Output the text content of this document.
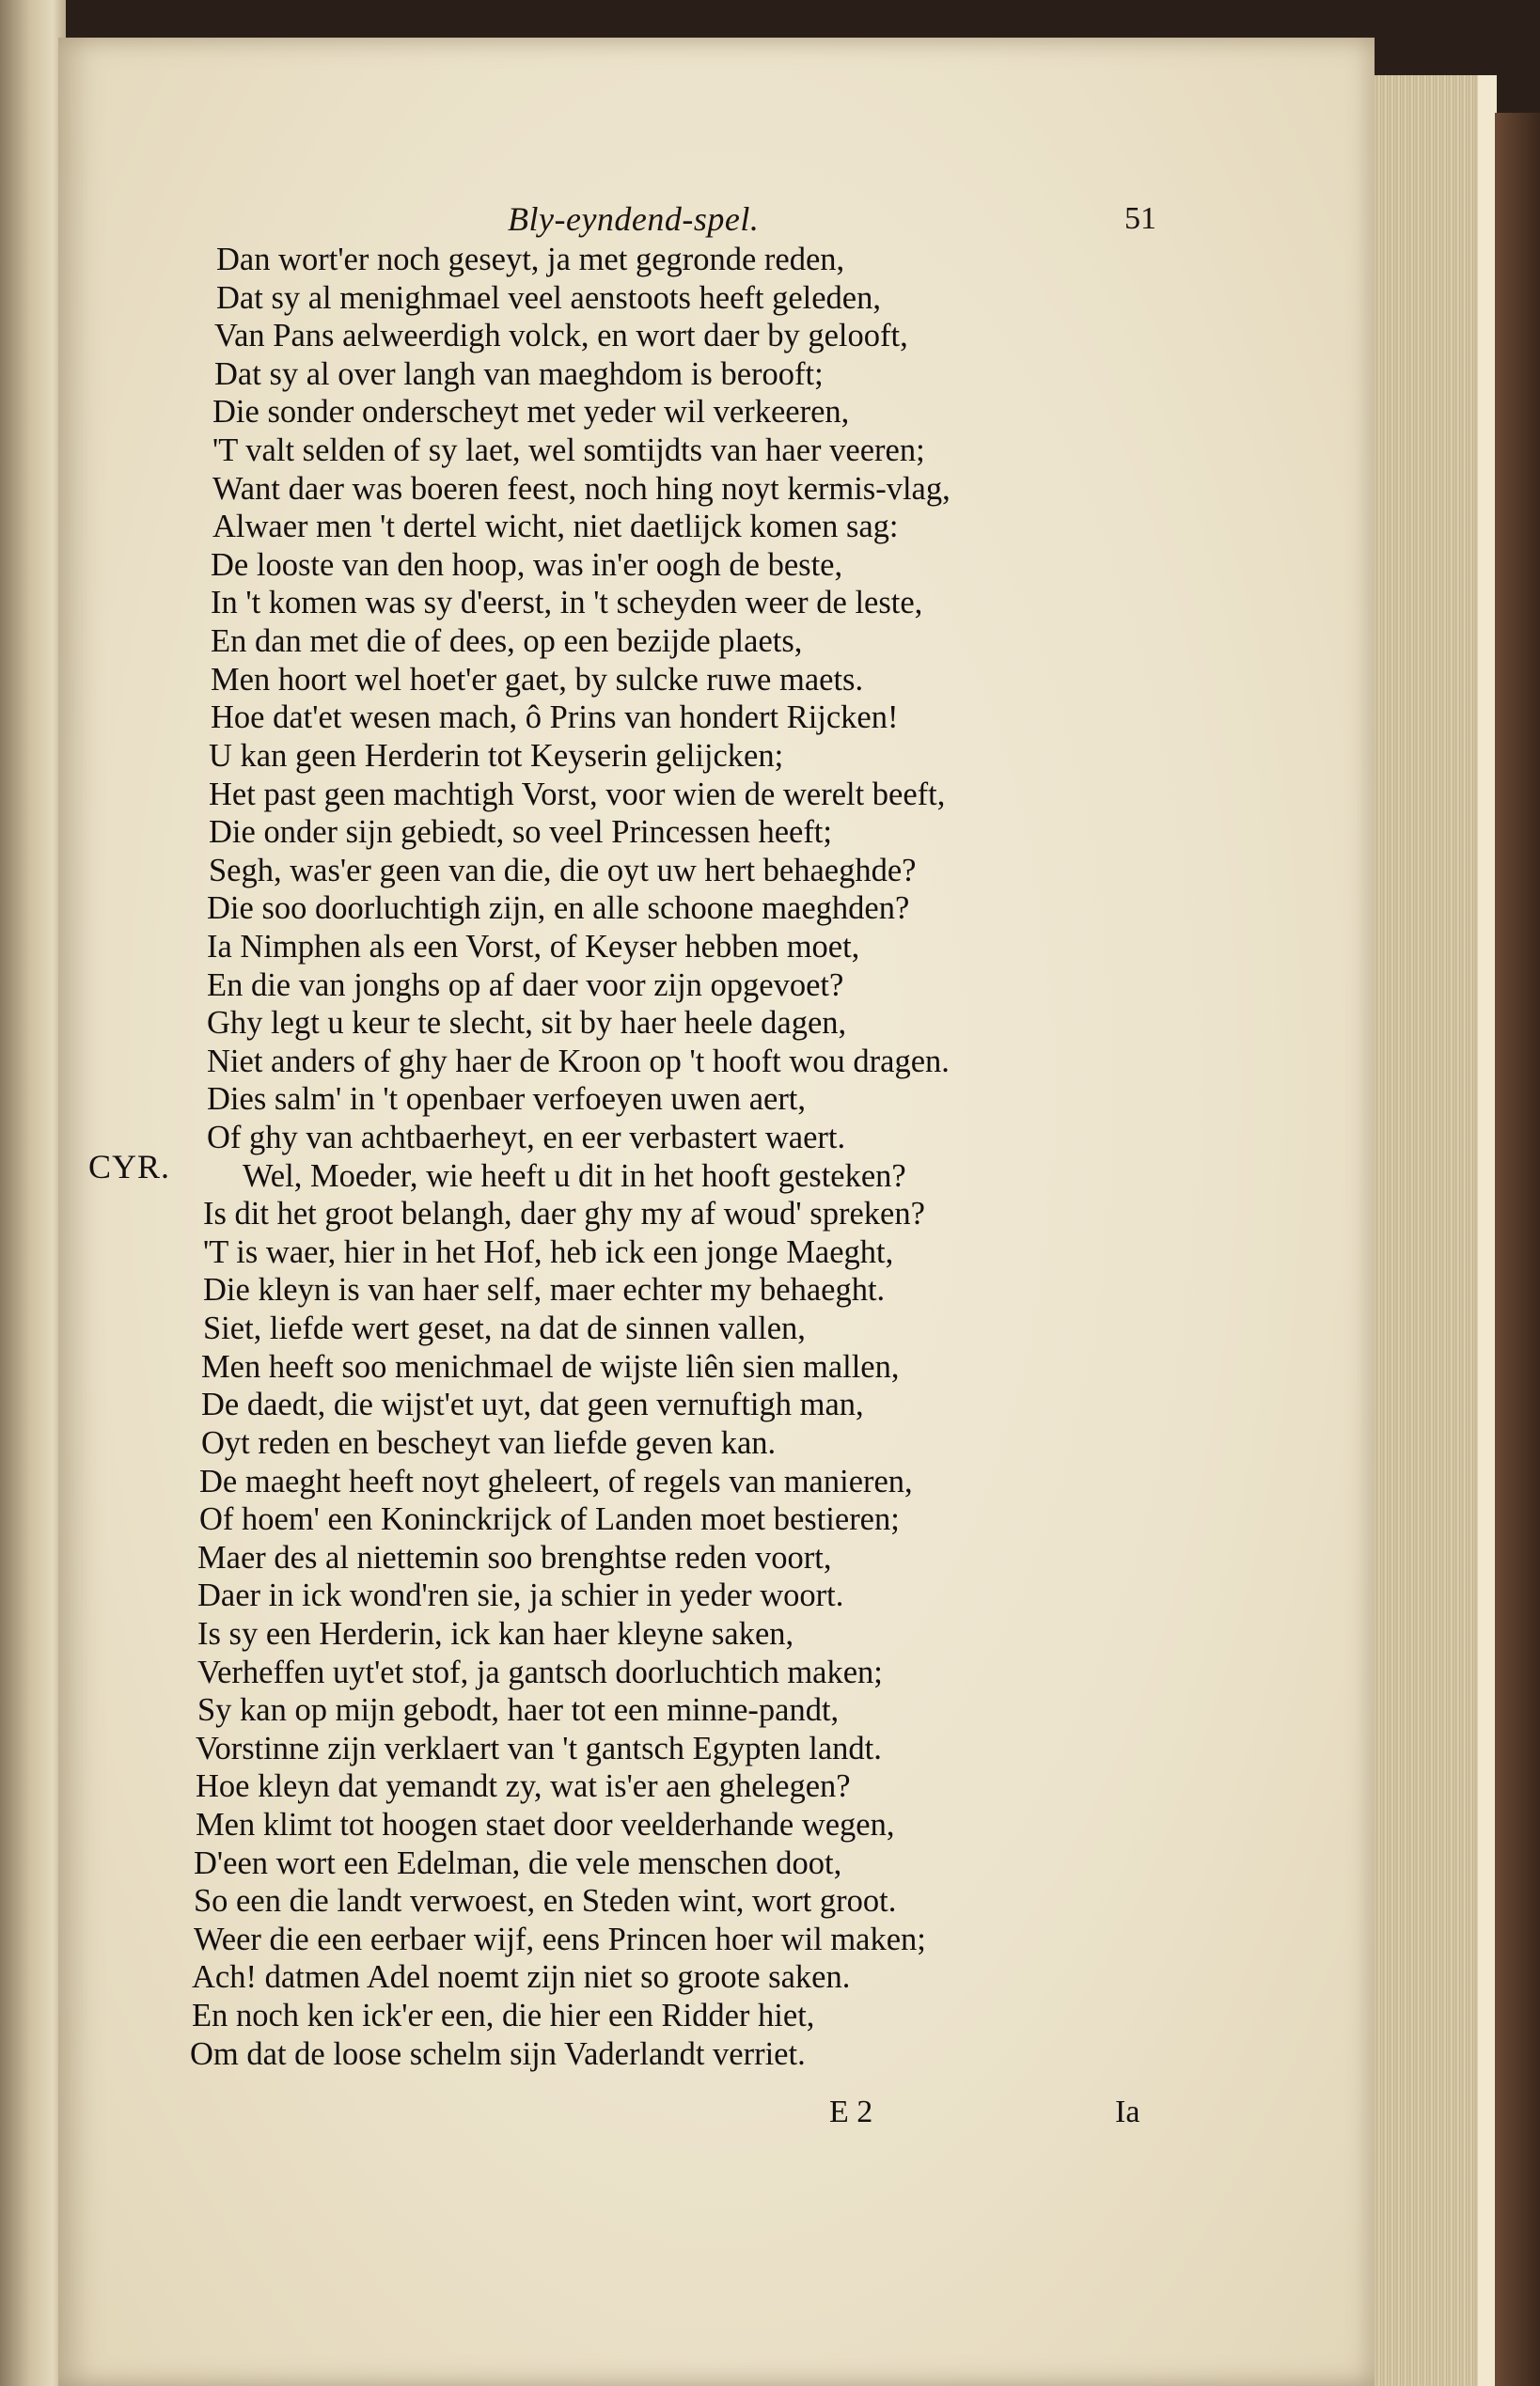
Bly-eyndend-spel.	51
CYR.
Dan wort'er noch geseyt, ja met gegronde reden,
Dat sy al menighmael veel aenstoots heeft geleden,
Van Pans aelweerdigh volck, en wort daer by gelooft,
Dat sy al over langh van maeghdom is berooft;
Die sonder onderscheyt met yeder wil verkeeren,
'T valt selden of sy laet, wel somtijdts van haer veeren;
Want daer was boeren feest, noch hing noyt kermis-vlag,
Alwaer men 't dertel wicht, niet daetlijck komen sag:
De looste van den hoop, was in'er oogh de beste,
In 't komen was sy d'eerst, in 't scheyden weer de leste,
En dan met die of dees, op een bezijde plaets,
Men hoort wel hoet'er gaet, by sulcke ruwe maets.
Hoe dat'et wesen mach, ô Prins van hondert Rijcken!
U kan geen Herderin tot Keyserin gelijcken;
Het past geen machtigh Vorst, voor wien de werelt beeft,
Die onder sijn gebiedt, so veel Princessen heeft;
Segh, was'er geen van die, die oyt uw hert behaeghde?
Die soo doorluchtigh zijn, en alle schoone maeghden?
Ia Nimphen als een Vorst, of Keyser hebben moet,
En die van jonghs op af daer voor zijn opgevoet?
Ghy legt u keur te slecht, sit by haer heele dagen,
Niet anders of ghy haer de Kroon op 't hooft wou dragen.
Dies salm' in 't openbaer verfoeyen uwen aert,
Of ghy van achtbaerheyt, en eer verbastert waert.
Wel, Moeder, wie heeft u dit in het hooft gesteken?
Is dit het groot belangh, daer ghy my af woud' spreken?
'T is waer, hier in het Hof, heb ick een jonge Maeght,
Die kleyn is van haer self, maer echter my behaeght.
Siet, liefde wert geset, na dat de sinnen vallen,
Men heeft soo menichmael de wijste liên sien mallen,
De daedt, die wijst'et uyt, dat geen vernuftigh man,
Oyt reden en bescheyt van liefde geven kan.
De maeght heeft noyt gheleert, of regels van manieren,
Of hoem' een Koninckrijck of Landen moet bestieren;
Maer des al niettemin soo brenghtse reden voort,
Daer in ick wond'ren sie, ja schier in yeder woort.
Is sy een Herderin, ick kan haer kleyne saken,
Verheffen uyt'et stof, ja gantsch doorluchtich maken;
Sy kan op mijn gebodt, haer tot een minne-pandt,
Vorstinne zijn verklaert van 't gantsch Egypten landt.
Hoe kleyn dat yemandt zy, wat is'er aen ghelegen?
Men klimt tot hoogen staet door veelderhande wegen,
D'een wort een Edelman, die vele menschen doot,
So een die landt verwoest, en Steden wint, wort groot.
Weer die een eerbaer wijf, eens Princen hoer wil maken;
Ach! datmen Adel noemt zijn niet so groote saken.
En noch ken ick'er een, die hier een Ridder hiet,
Om dat de loose schelm sijn Vaderlandt verriet.
E 2	Ia
